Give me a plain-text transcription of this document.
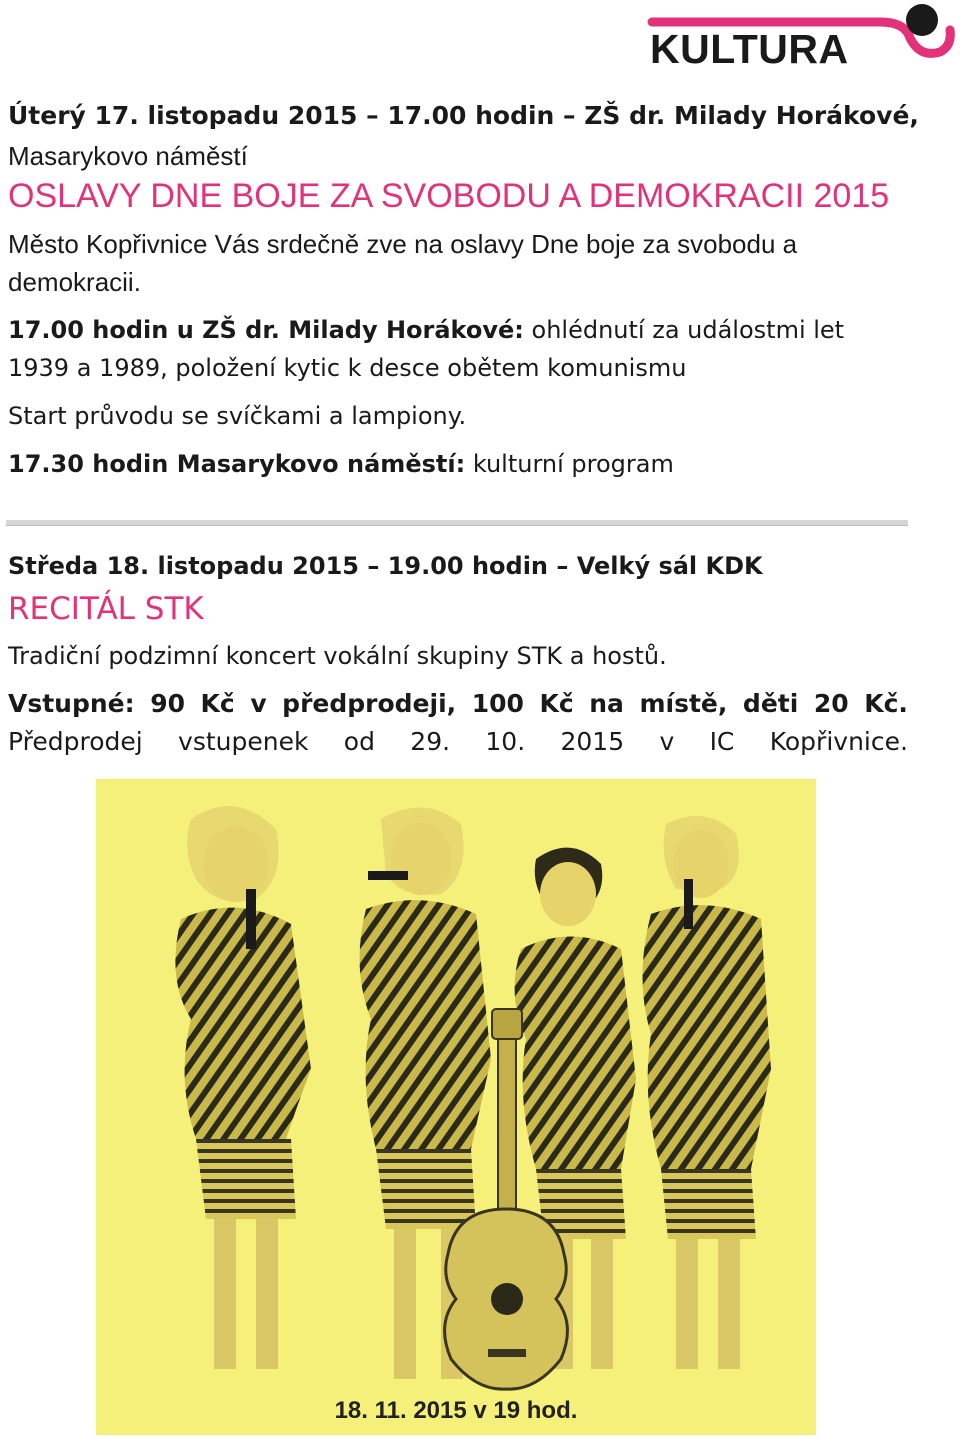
KULTURA
Úterý 17. listopadu 2015 – 17.00 hodin – ZŠ dr. Milady Horákové,
Masarykovo náměstí
OSLAVY DNE BOJE ZA SVOBODU A DEMOKRACII 2015
Město Kopřivnice Vás srdečně zve na oslavy Dne boje za svobodu a
demokracii.
17.00 hodin u ZŠ dr. Milady Horákové: ohlédnutí za událostmi let
1939 a 1989, položení kytic k desce obětem komunismu
Start průvodu se svíčkami a lampiony.
17.30 hodin Masarykovo náměstí: kulturní program
Středa 18. listopadu 2015 – 19.00 hodin – Velký sál KDK
RECITÁL STK
Tradiční podzimní koncert vokální skupiny STK a hostů.
Vstupné: 90 Kč v předprodeji, 100 Kč na místě, děti 20 Kč.
Předprodej vstupenek od 29. 10. 2015 v IC Kopřivnice.
18. 11. 2015 v 19 hod.
